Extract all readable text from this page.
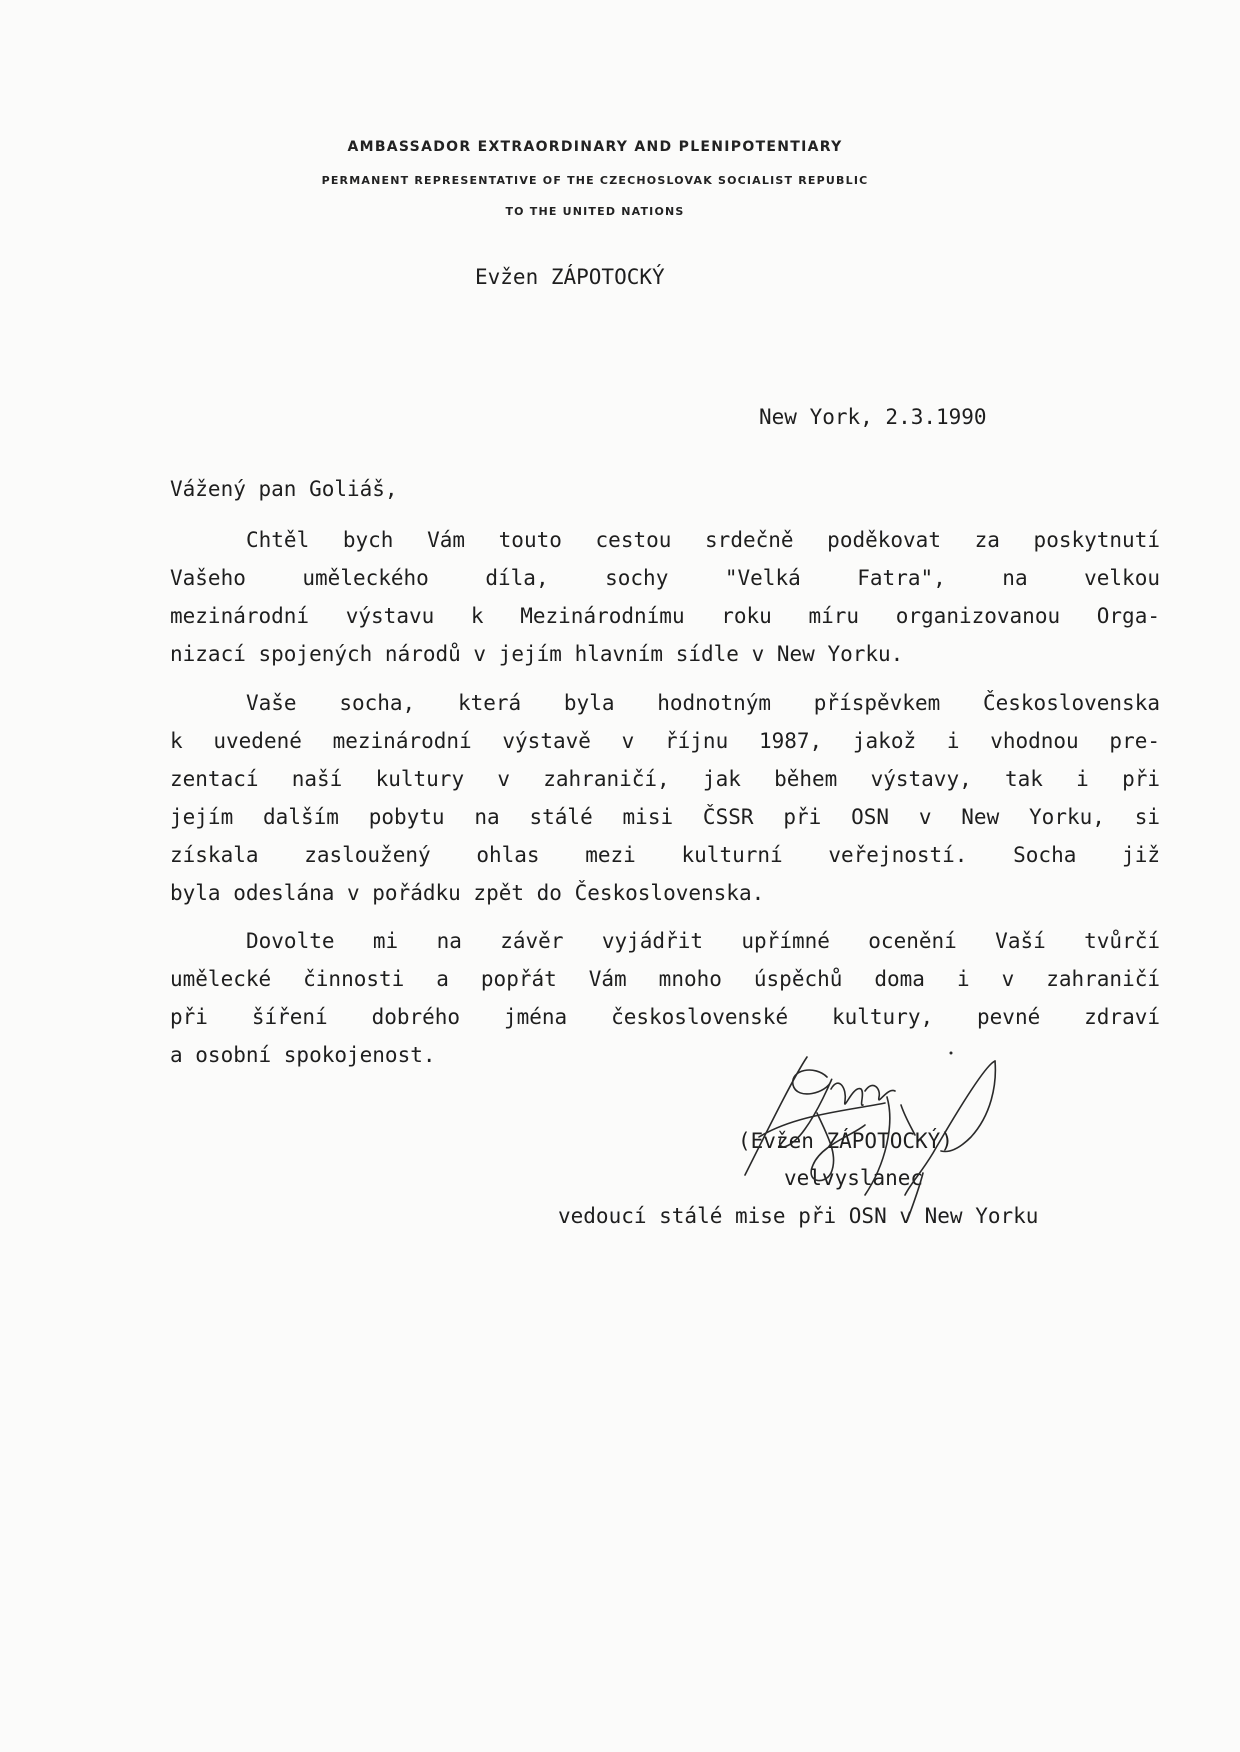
AMBASSADOR EXTRAORDINARY AND PLENIPOTENTIARY
PERMANENT REPRESENTATIVE OF THE CZECHOSLOVAK SOCIALIST REPUBLIC
TO THE UNITED NATIONS
Evžen ZÁPOTOCKÝ
New York, 2.3.1990
Vážený pan Goliáš,
Chtěl bych Vám touto cestou srdečně poděkovat za poskytnutí
Vašeho uměleckého díla, sochy "Velká Fatra", na velkou
mezinárodní výstavu k Mezinárodnímu roku míru organizovanou Orga-
nizací spojených národů v jejím hlavním sídle v New Yorku.
Vaše socha, která byla hodnotným příspěvkem Československa
k uvedené mezinárodní výstavě v říjnu 1987, jakož i vhodnou pre-
zentací naší kultury v zahraničí, jak během výstavy, tak i při
jejím dalším pobytu na stálé misi ČSSR při OSN v New Yorku, si
získala zasloužený ohlas mezi kulturní veřejností. Socha již
byla odeslána v pořádku zpět do Československa.
Dovolte mi na závěr vyjádřit upřímné ocenění Vaší tvůrčí
umělecké činnosti a popřát Vám mnoho úspěchů doma i v zahraničí
při šíření dobrého jména československé kultury, pevné zdraví
a osobní spokojenost.
(Evžen ZÁPOTOCKÝ)
velvyslanec
vedoucí stálé mise při OSN v New Yorku
